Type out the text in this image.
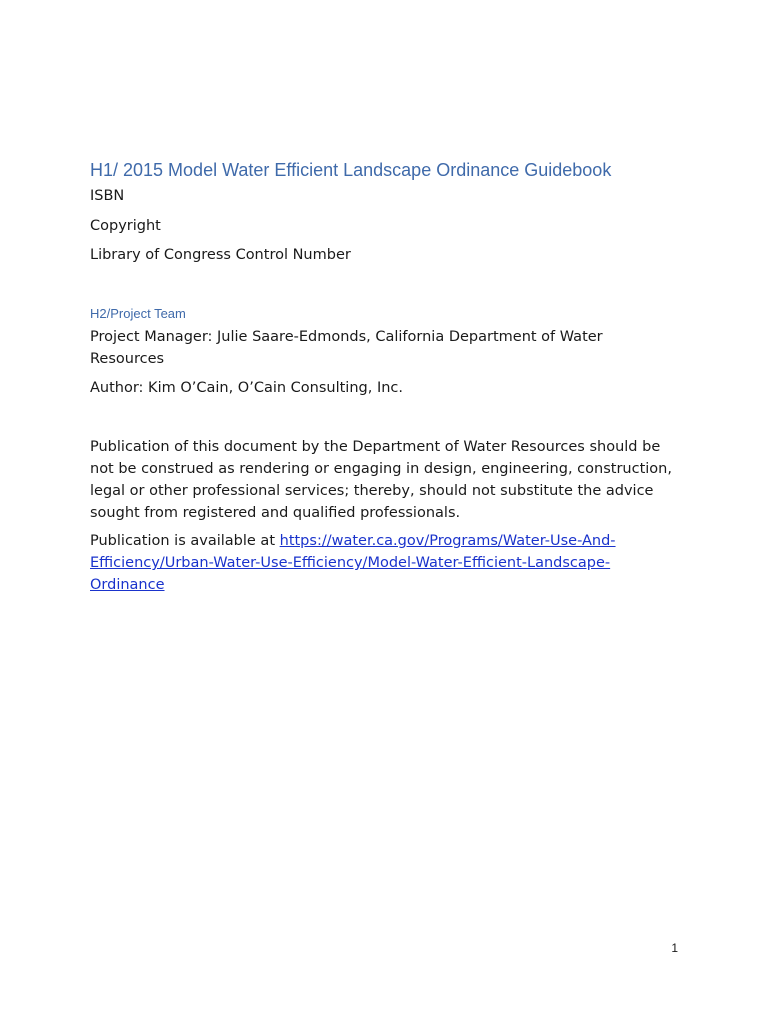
H1/ 2015 Model Water Efficient Landscape Ordinance Guidebook

ISBN

Copyright

Library of Congress Control Number

H2/Project Team

Project Manager: Julie Saare-Edmonds, California Department of Water Resources

Author: Kim O’Cain, O’Cain Consulting, Inc.

Publication of this document by the Department of Water Resources should be not be construed as rendering or engaging in design, engineering, construction, legal or other professional services; thereby, should not substitute the advice sought from registered and qualified professionals.

Publication is available at https://water.ca.gov/Programs/Water-Use-And-Efficiency/Urban-Water-Use-Efficiency/Model-Water-Efficient-Landscape-Ordinance

1
